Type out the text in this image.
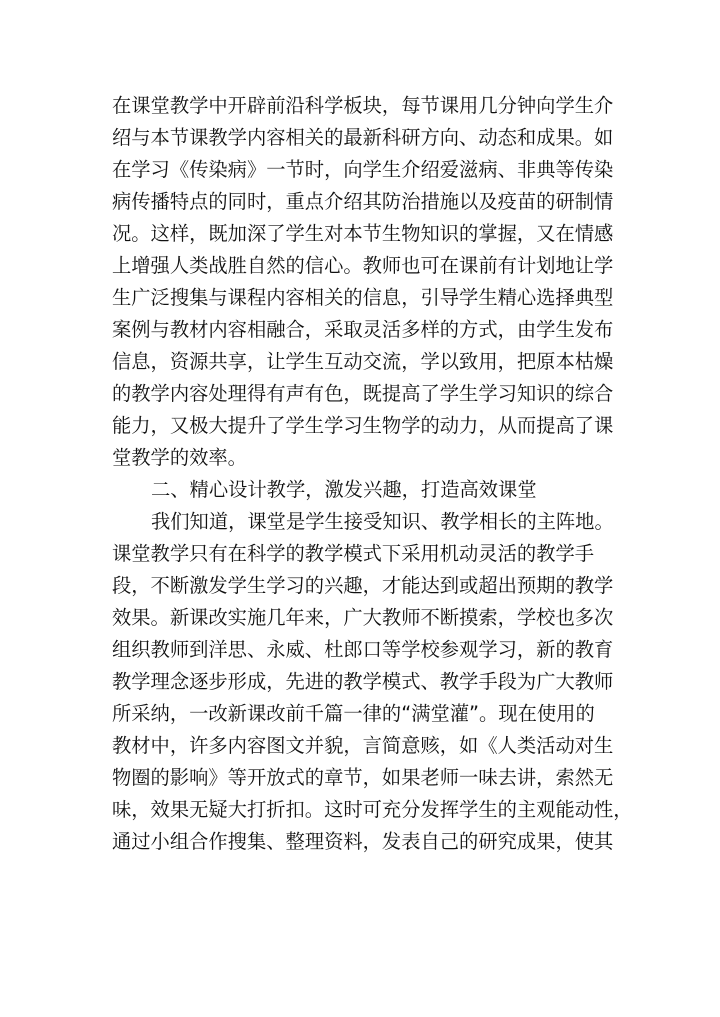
在课堂教学中开辟前沿科学板块，每节课用几分钟向学生介
绍与本节课教学内容相关的最新科研方向、动态和成果。如
在学习《传染病》一节时，向学生介绍爱滋病、非典等传染
病传播特点的同时，重点介绍其防治措施以及疫苗的研制情
况。这样，既加深了学生对本节生物知识的掌握，又在情感
上增强人类战胜自然的信心。教师也可在课前有计划地让学
生广泛搜集与课程内容相关的信息，引导学生精心选择典型
案例与教材内容相融合，采取灵活多样的方式，由学生发布
信息，资源共享，让学生互动交流，学以致用，把原本枯燥
的教学内容处理得有声有色，既提高了学生学习知识的综合
能力，又极大提升了学生学习生物学的动力，从而提高了课
堂教学的效率。
二、精心设计教学，激发兴趣，打造高效课堂
我们知道，课堂是学生接受知识、教学相长的主阵地。
课堂教学只有在科学的教学模式下采用机动灵活的教学手
段，不断激发学生学习的兴趣，才能达到或超出预期的教学
效果。新课改实施几年来，广大教师不断摸索，学校也多次
组织教师到洋思、永威、杜郎口等学校参观学习，新的教育
教学理念逐步形成，先进的教学模式、教学手段为广大教师
所采纳，一改新课改前千篇一律的“满堂灌”。现在使用的
教材中，许多内容图文并貌，言简意赅，如《人类活动对生
物圈的影响》等开放式的章节，如果老师一味去讲，索然无
味，效果无疑大打折扣。这时可充分发挥学生的主观能动性，
通过小组合作搜集、整理资料，发表自己的研究成果，使其
